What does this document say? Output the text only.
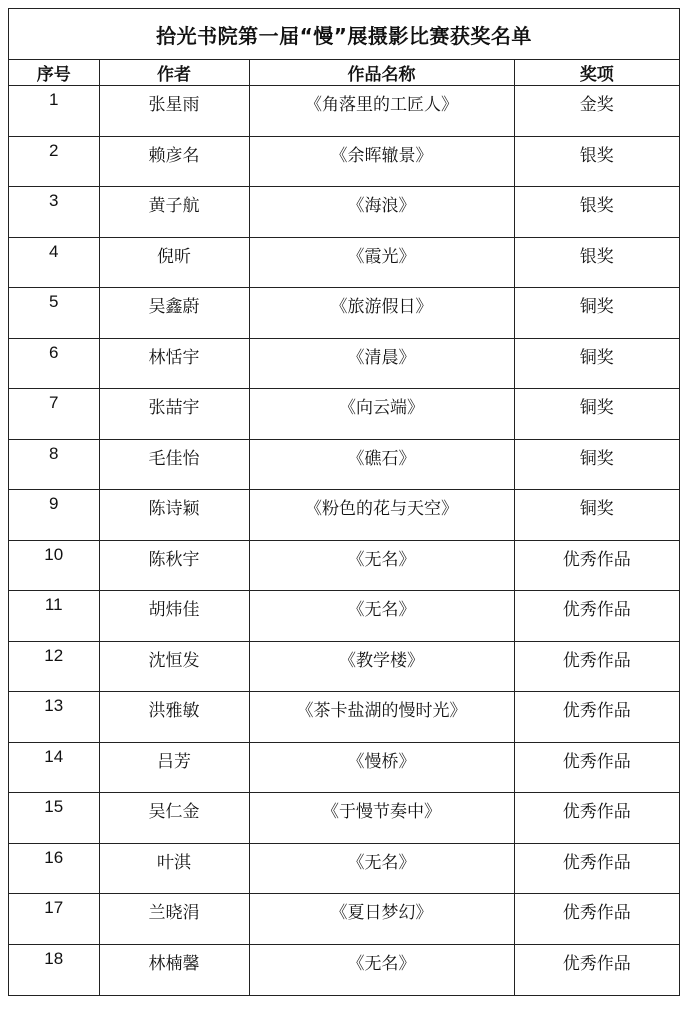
拾光书院第一届“慢”展摄影比赛获奖名单
序号	作者	作品名称	奖项
1	张星雨	《角落里的工匠人》	金奖
2	赖彦名	《余晖辙景》	银奖
3	黄子航	《海浪》	银奖
4	倪昕	《霞光》	银奖
5	吴鑫蔚	《旅游假日》	铜奖
6	林恬宇	《清晨》	铜奖
7	张喆宇	《向云端》	铜奖
8	毛佳怡	《礁石》	铜奖
9	陈诗颖	《粉色的花与天空》	铜奖
10	陈秋宇	《无名》	优秀作品
11	胡炜佳	《无名》	优秀作品
12	沈恒发	《教学楼》	优秀作品
13	洪雅敏	《茶卡盐湖的慢时光》	优秀作品
14	吕芳	《慢桥》	优秀作品
15	吴仁金	《于慢节奏中》	优秀作品
16	叶淇	《无名》	优秀作品
17	兰晓涓	《夏日梦幻》	优秀作品
18	林楠馨	《无名》	优秀作品
